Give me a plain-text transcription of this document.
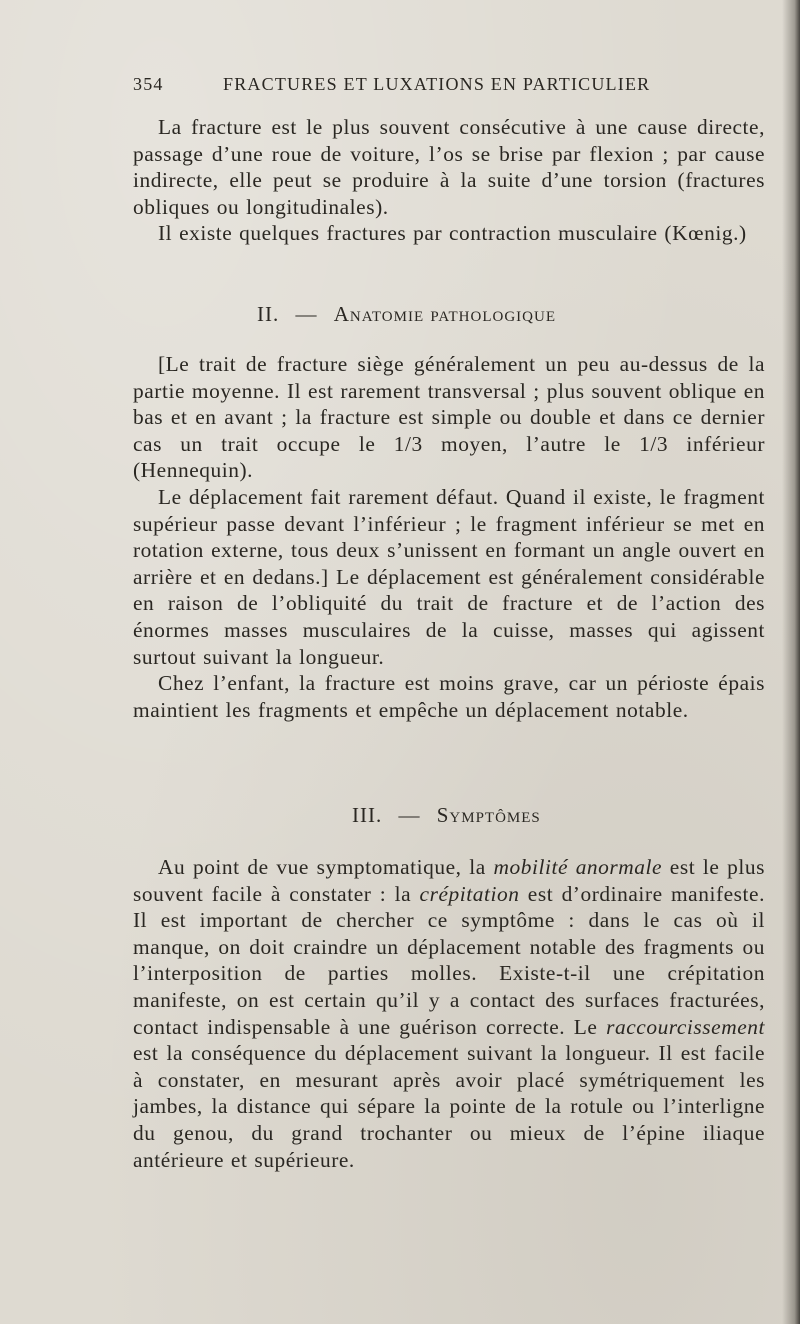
354	FRACTURES ET LUXATIONS EN PARTICULIER

La fracture est le plus souvent consécutive à une cause directe, passage d’une roue de voiture, l’os se brise par flexion ; par cause indirecte, elle peut se produire à la suite d’une torsion (fractures obliques ou longitudinales).

Il existe quelques fractures par contraction musculaire (Kœnig.)

II. — Anatomie pathologique

[Le trait de fracture siège généralement un peu au-dessus de la partie moyenne. Il est rarement transversal ; plus souvent oblique en bas et en avant ; la fracture est simple ou double et dans ce dernier cas un trait occupe le 1/3 moyen, l’autre le 1/3 inférieur (Hennequin).

Le déplacement fait rarement défaut. Quand il existe, le fragment supérieur passe devant l’inférieur ; le fragment inférieur se met en rotation externe, tous deux s’unissent en formant un angle ouvert en arrière et en dedans.] Le déplacement est généralement considérable en raison de l’obliquité du trait de fracture et de l’action des énormes masses musculaires de la cuisse, masses qui agissent surtout suivant la longueur.

Chez l’enfant, la fracture est moins grave, car un périoste épais maintient les fragments et empêche un déplacement notable.

III. — Symptômes

Au point de vue symptomatique, la mobilité anormale est le plus souvent facile à constater : la crépitation est d’ordinaire manifeste. Il est important de chercher ce symptôme : dans le cas où il manque, on doit craindre un déplacement notable des fragments ou l’interposition de parties molles. Existe-t-il une crépitation manifeste, on est certain qu’il y a contact des surfaces fracturées, contact indispensable à une guérison correcte. Le raccourcissement est la conséquence du déplacement suivant la longueur. Il est facile à constater, en mesurant après avoir placé symétriquement les jambes, la distance qui sépare la pointe de la rotule ou l’interligne du genou, du grand trochanter ou mieux de l’épine iliaque antérieure et supérieure.
